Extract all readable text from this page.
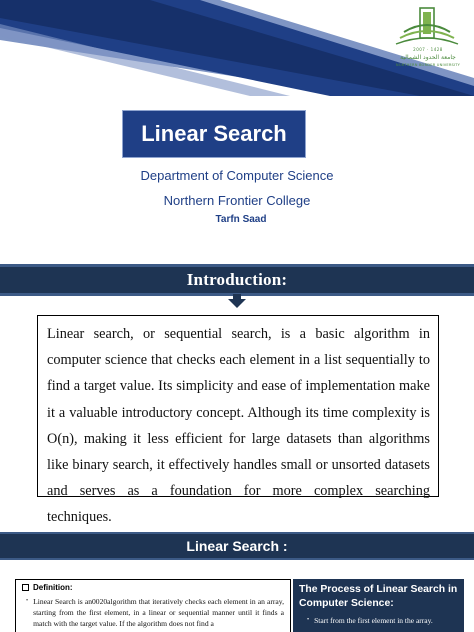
2007 · 1428
جامعة الحدود الشمالية
NORTHERN BORDER UNIVERSITY
Linear Search
Department of Computer Science
Northern Frontier College
Tarfn Saad
Introduction:

Linear search, or sequential search, is a basic algorithm in computer science that checks each element in a list sequentially to find a target value. Its simplicity and ease of implementation make it a valuable introductory concept. Although its time complexity is O(n), making it less efficient for large datasets than algorithms like binary search, it effectively handles small or unsorted datasets and serves as a foundation for more complex searching techniques.

Linear Search :
Definition:
• Linear Search is an0020algorithm that iteratively checks each element in an array, starting from the first element, in a linear or sequential manner until it finds a match with the target value. If the algorithm does not find a
The Process of Linear Search in Computer Science:
• Start from the first element in the array.
